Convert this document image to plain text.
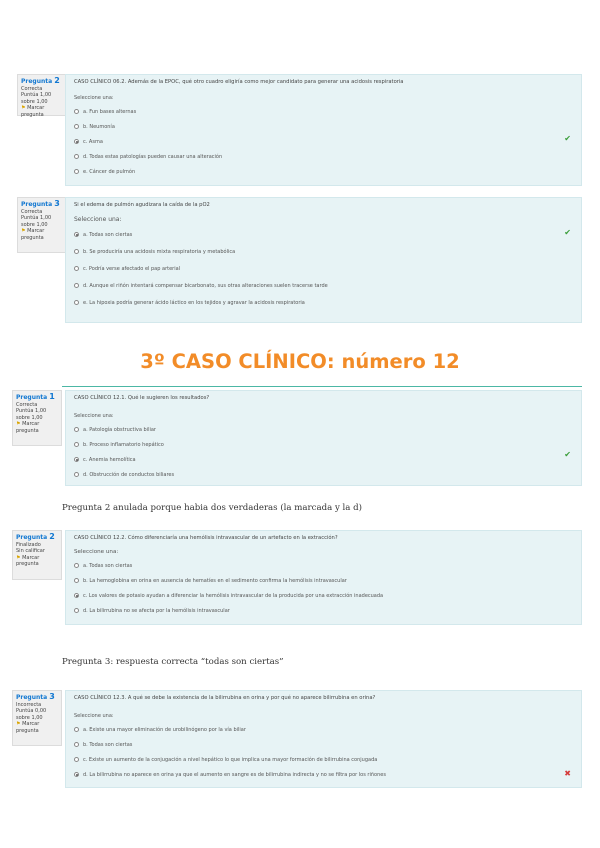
Pregunta 2
Correcta
Puntúa 1,00 sobre 1,00
⚑ Marcar pregunta
CASO CLÍNICO 06.2. Además de la EPOC, qué otro cuadro eligiría como mejor candidato para generar una acidosis respiratoria
Seleccione una:
a. Fun bases alternas
b. Neumonía
c. Asma
d. Todas estas patologías pueden causar una alteración
e. Cáncer de pulmón
✔
Pregunta 3
Correcta
Puntúa 1,00 sobre 1,00
⚑ Marcar pregunta
Si el edema de pulmón agudizara la caída de la pO2
Seleccione una:
a. Todas son ciertas
b. Se produciría una acidosis mixta respiratoria y metabólica
c. Podría verse afectado el pap arterial
d. Aunque el riñón intentará compensar bicarbonato, sus otras alteraciones suelen tracerse tarde
e. La hipoxia podría generar ácido láctico en los tejidos y agravar la acidosis respiratoria
✔
3º CASO CLÍNICO: número 12
Pregunta 1
Correcta
Puntúa 1,00 sobre 1,00
⚑ Marcar pregunta
CASO CLÍNICO 12.1. Qué le sugieren los resultados?
Seleccione una:
a. Patología obstructiva biliar
b. Proceso inflamatorio hepático
c. Anemia hemolítica
d. Obstrucción de conductos biliares
✔
Pregunta 2 anulada porque habia dos verdaderas (la marcada y la d)
Pregunta 2
Finalizado
Sin calificar
⚑ Marcar pregunta
CASO CLÍNICO 12.2. Cómo diferenciaría una hemólisis intravascular de un artefacto en la extracción?
Seleccione una:
a. Todas son ciertas
b. La hemoglobina en orina en ausencia de hematíes en el sedimento confirma la hemólisis intravascular
c. Los valores de potasio ayudan a diferenciar la hemólisis intravascular de la producida por una extracción inadecuada
d. La bilirrubina no se afecta por la hemólisis intravascular
Pregunta 3: respuesta correcta “todas son ciertas”
Pregunta 3
Incorrecta
Puntúa 0,00 sobre 1,00
⚑ Marcar pregunta
CASO CLÍNICO 12.3. A qué se debe la existencia de la bilirrubina en orina y por qué no aparece bilirrubina en orina?
Seleccione una:
a. Existe una mayor eliminación de urobilinógeno por la vía biliar
b. Todas son ciertas
c. Existe un aumento de la conjugación a nivel hepático lo que implica una mayor formación de bilirrubina conjugada
d. La bilirrubina no aparece en orina ya que el aumento en sangre es de bilirrubina indirecta y no se filtra por los riñones	✖
